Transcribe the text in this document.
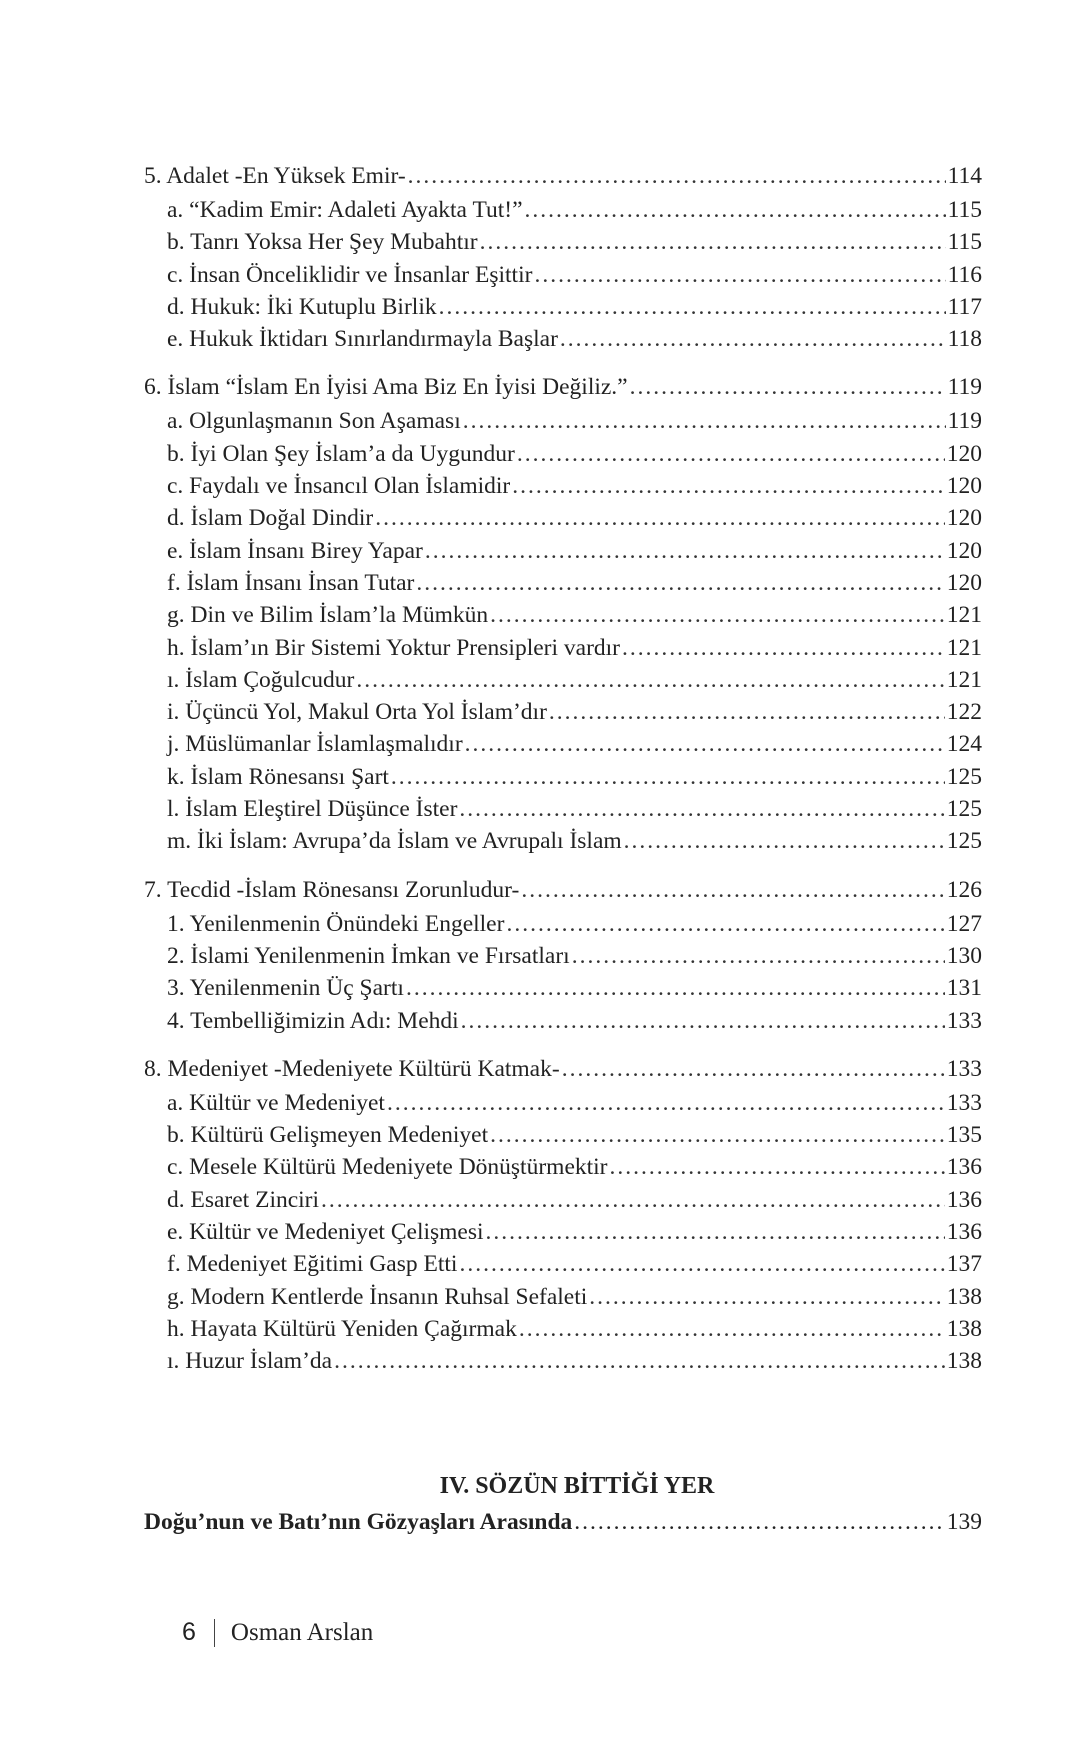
5. Adalet -En Yüksek Emir- .....	114
a. “Kadim Emir: Adaleti Ayakta Tut!” .....	115
b. Tanrı Yoksa Her Şey Mubahtır .....	115
c. İnsan Önceliklidir ve İnsanlar Eşittir .....	116
d. Hukuk: İki Kutuplu Birlik .....	117
e. Hukuk İktidarı Sınırlandırmayla Başlar .....	118
6. İslam “İslam En İyisi Ama Biz En İyisi Değiliz.” .....	119
a. Olgunlaşmanın Son Aşaması .....	119
b. İyi Olan Şey İslam’a da Uygundur .....	120
c. Faydalı ve İnsancıl Olan İslamidir .....	120
d. İslam Doğal Dindir .....	120
e. İslam İnsanı Birey Yapar .....	120
f. İslam İnsanı İnsan Tutar .....	120
g. Din ve Bilim İslam’la Mümkün .....	121
h. İslam’ın Bir Sistemi Yoktur Prensipleri vardır .....	121
ı. İslam Çoğulcudur .....	121
i. Üçüncü Yol, Makul Orta Yol İslam’dır .....	122
j. Müslümanlar İslamlaşmalıdır .....	124
k. İslam Rönesansı Şart .....	125
l. İslam Eleştirel Düşünce İster .....	125
m. İki İslam: Avrupa’da İslam ve Avrupalı İslam .....	125
7. Tecdid -İslam Rönesansı Zorunludur- .....	126
1. Yenilenmenin Önündeki Engeller .....	127
2. İslami Yenilenmenin İmkan ve Fırsatları .....	130
3. Yenilenmenin Üç Şartı .....	131
4. Tembelliğimizin Adı: Mehdi .....	133
8. Medeniyet -Medeniyete Kültürü Katmak- .....	133
a. Kültür ve Medeniyet .....	133
b. Kültürü Gelişmeyen Medeniyet .....	135
c. Mesele Kültürü Medeniyete Dönüştürmektir .....	136
d. Esaret Zinciri .....	136
e. Kültür ve Medeniyet Çelişmesi .....	136
f. Medeniyet Eğitimi Gasp Etti .....	137
g. Modern Kentlerde İnsanın Ruhsal Sefaleti .....	138
h. Hayata Kültürü Yeniden Çağırmak .....	138
ı. Huzur İslam’da .....	138
IV. SÖZÜN BİTTİĞİ YER
Doğu’nun ve Batı’nın Gözyaşları Arasında .....	139
6 Osman Arslan
